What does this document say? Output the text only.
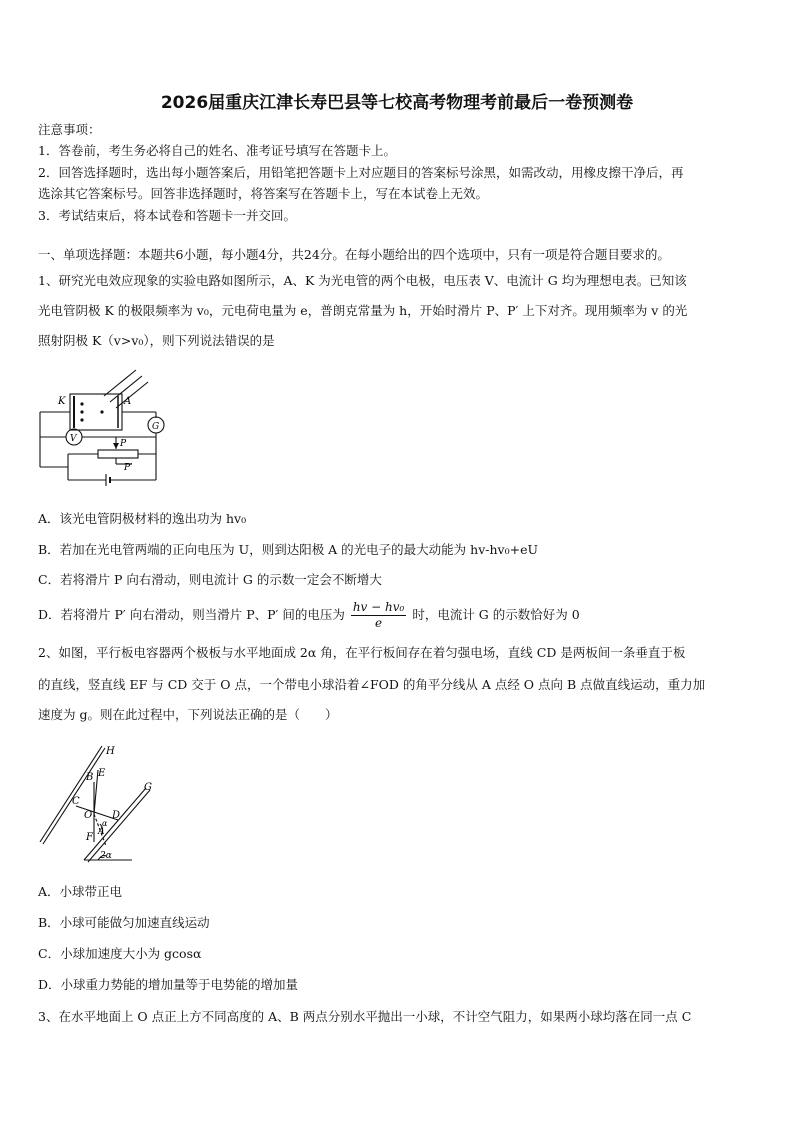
2026届重庆江津长寿巴县等七校高考物理考前最后一卷预测卷
注意事项：
1．答卷前，考生务必将自己的姓名、准考证号填写在答题卡上。
2．回答选择题时，选出每小题答案后，用铅笔把答题卡上对应题目的答案标号涂黑，如需改动，用橡皮擦干净后，再
选涂其它答案标号。回答非选择题时，将答案写在答题卡上，写在本试卷上无效。
3．考试结束后，将本试卷和答题卡一并交回。
一、单项选择题：本题共6小题，每小题4分，共24分。在每小题给出的四个选项中，只有一项是符合题目要求的。
1、研究光电效应现象的实验电路如图所示，A、K 为光电管的两个电极，电压表 V、电流计 G 均为理想电表。已知该
光电管阴极 K 的极限频率为 v₀，元电荷电量为 e，普朗克常量为 h，开始时滑片 P、P′ 上下对齐。现用频率为 v 的光
照射阴极 K（v>v₀），则下列说法错误的是
K	A
V
G
P
P′
A．该光电管阴极材料的逸出功为 hv₀
B．若加在光电管两端的正向电压为 U，则到达阳极 A 的光电子的最大动能为 hv-hv₀+eU
C．若将滑片 P 向右滑动，则电流计 G 的示数一定会不断增大
D．若将滑片 P′ 向右滑动，则当滑片 P、P′ 间的电压为 $\frac{\text{hv − hv₀}}{e}$ 时，电流计 G 的示数恰好为 0
2、如图，平行板电容器两个极板与水平地面成 2α 角，在平行板间存在着匀强电场，直线 CD 是两板间一条垂直于板
的直线，竖直线 EF 与 CD 交于 O 点，一个带电小球沿着∠FOD 的角平分线从 A 点经 O 点向 B 点做直线运动，重力加
速度为 g。则在此过程中，下列说法正确的是（　　）
H
G
B E
C
O D
F A
α
2α
A．小球带正电
B．小球可能做匀加速直线运动
C．小球加速度大小为 gcosα
D．小球重力势能的增加量等于电势能的增加量
3、在水平地面上 O 点正上方不同高度的 A、B 两点分别水平抛出一小球，不计空气阻力，如果两小球均落在同一点 C
